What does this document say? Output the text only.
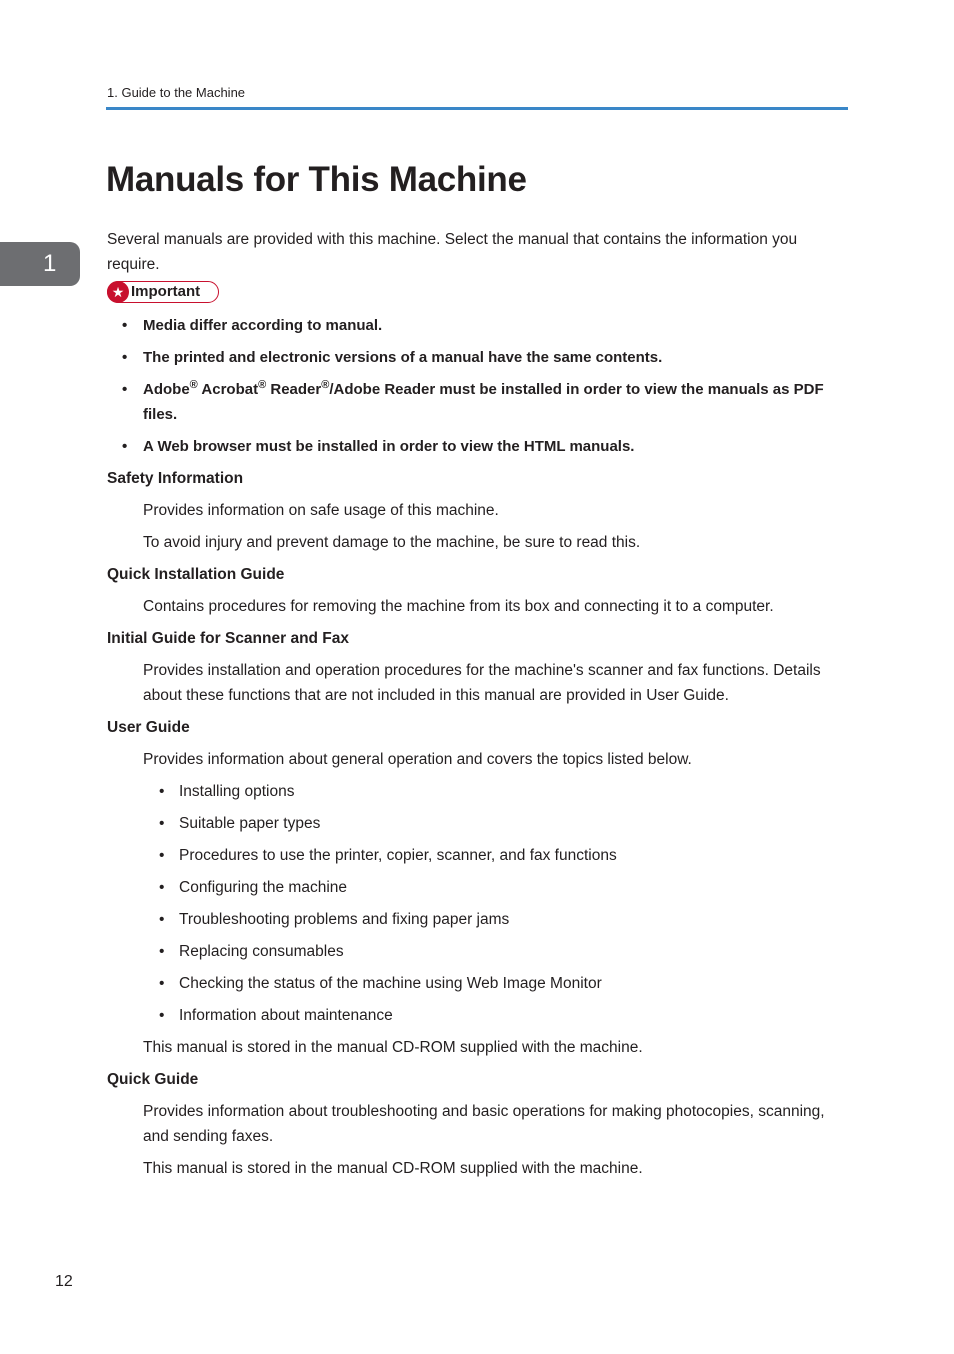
1. Guide to the Machine
1
Manuals for This Machine

Several manuals are provided with this machine. Select the manual that contains the information you require.

★ Important
• Media differ according to manual.
• The printed and electronic versions of a manual have the same contents.
• Adobe® Acrobat® Reader®/Adobe Reader must be installed in order to view the manuals as PDF files.
• A Web browser must be installed in order to view the HTML manuals.

Safety Information

Provides information on safe usage of this machine.

To avoid injury and prevent damage to the machine, be sure to read this.

Quick Installation Guide

Contains procedures for removing the machine from its box and connecting it to a computer.

Initial Guide for Scanner and Fax

Provides installation and operation procedures for the machine's scanner and fax functions. Details about these functions that are not included in this manual are provided in User Guide.

User Guide

Provides information about general operation and covers the topics listed below.

• Installing options
• Suitable paper types
• Procedures to use the printer, copier, scanner, and fax functions
• Configuring the machine
• Troubleshooting problems and fixing paper jams
• Replacing consumables
• Checking the status of the machine using Web Image Monitor
• Information about maintenance

This manual is stored in the manual CD-ROM supplied with the machine.

Quick Guide

Provides information about troubleshooting and basic operations for making photocopies, scanning, and sending faxes.

This manual is stored in the manual CD-ROM supplied with the machine.

12
